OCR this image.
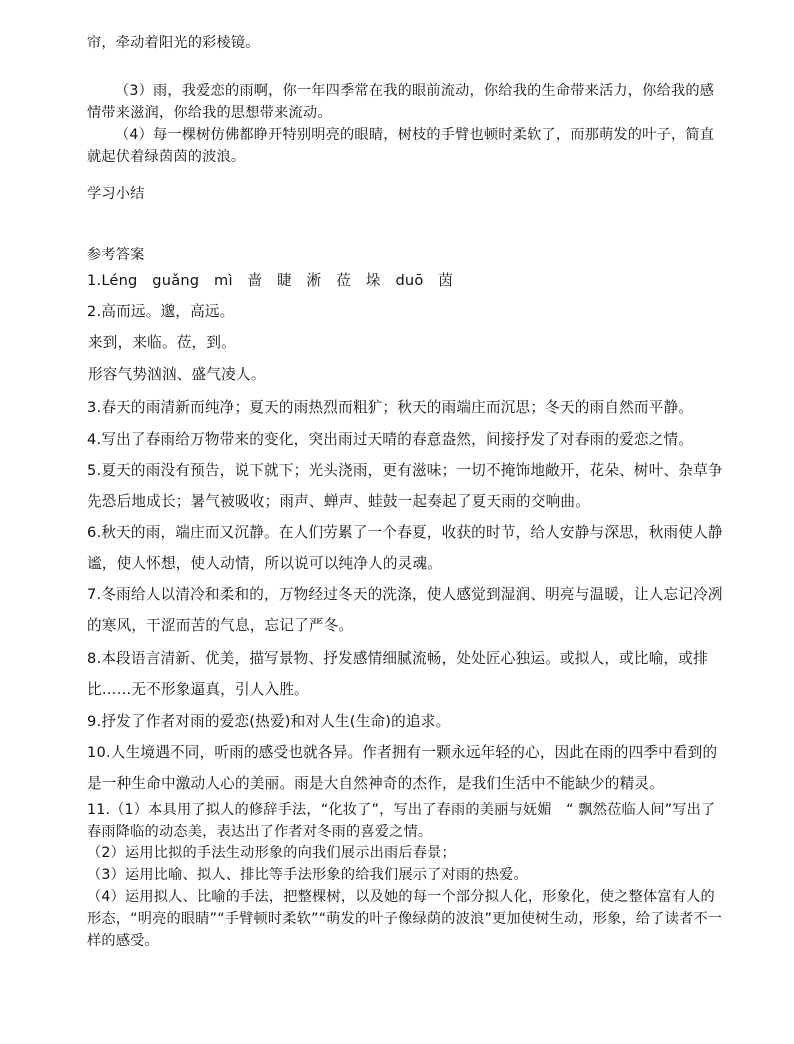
帘，牵动着阳光的彩棱镜。

（3）雨，我爱恋的雨啊，你一年四季常在我的眼前流动，你给我的生命带来活力，你给我的感情带来滋润，你给我的思想带来流动。

（4）每一棵树仿佛都睁开特别明亮的眼睛，树枝的手臂也顿时柔软了，而那萌发的叶子，简直就起伏着绿茵茵的波浪。

学习小结

参考答案

1.Léng　guǎng　mì　啬　睫　淅　莅　垛　duō　茵

2.高而远。邈，高远。

来到，来临。莅，到。

形容气势汹汹、盛气凌人。

3.春天的雨清新而纯净；夏天的雨热烈而粗犷；秋天的雨端庄而沉思；冬天的雨自然而平静。

4.写出了春雨给万物带来的变化，突出雨过天晴的春意盎然，间接抒发了对春雨的爱恋之情。

5.夏天的雨没有预告，说下就下；光头浇雨，更有滋味；一切不掩饰地敞开，花朵、树叶、杂草争先恐后地成长；暑气被吸收；雨声、蝉声、蛙鼓一起奏起了夏天雨的交响曲。

6.秋天的雨，端庄而又沉静。在人们劳累了一个春夏，收获的时节，给人安静与深思，秋雨使人静谧，使人怀想，使人动情，所以说可以纯净人的灵魂。

7.冬雨给人以清冷和柔和的，万物经过冬天的洗涤，使人感觉到湿润、明亮与温暖，让人忘记冷冽的寒风，干涩而苦的气息，忘记了严冬。

8.本段语言清新、优美，描写景物、抒发感情细腻流畅，处处匠心独运。或拟人，或比喻，或排比……无不形象逼真，引人入胜。

9.抒发了作者对雨的爱恋(热爱)和对人生(生命)的追求。

10.人生境遇不同，听雨的感受也就各异。作者拥有一颗永远年轻的心，因此在雨的四季中看到的是一种生命中激动人心的美丽。雨是大自然神奇的杰作，是我们生活中不能缺少的精灵。

11.（1）本具用了拟人的修辞手法，“化妆了”，写出了春雨的美丽与妩媚　“ 飘然莅临人间”写出了春雨降临的动态美，表达出了作者对冬雨的喜爱之情。

（2）运用比拟的手法生动形象的向我们展示出雨后春景；

（3）运用比喻、拟人、排比等手法形象的给我们展示了对雨的热爱。

（4）运用拟人、比喻的手法，把整棵树，以及她的每一个部分拟人化，形象化，使之整体富有人的形态，“明亮的眼睛”“手臂顿时柔软”“萌发的叶子像绿荫的波浪”更加使树生动，形象，给了读者不一样的感受。
